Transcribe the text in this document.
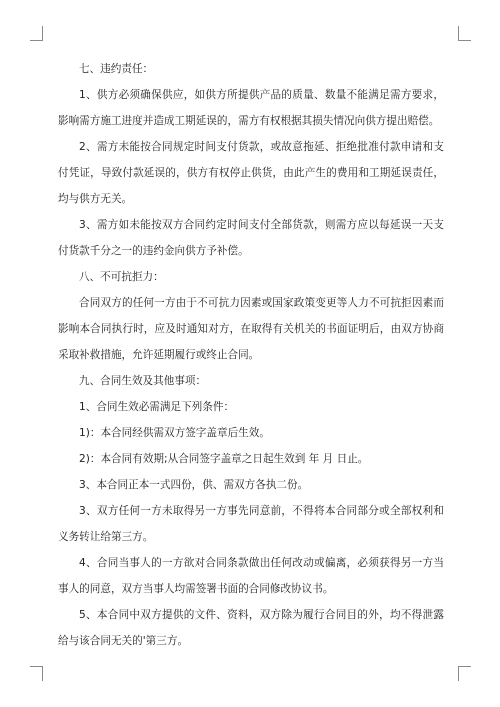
七、违约责任：

1、供方必须确保供应，如供方所提供产品的质量、数量不能满足需方要求，影响需方施工进度并造成工期延误的，需方有权根据其损失情况向供方提出赔偿。

2、需方未能按合同规定时间支付货款，或故意拖延、拒绝批准付款申请和支付凭证，导致付款延误的，供方有权停止供货，由此产生的费用和工期延误责任，均与供方无关。

3、需方如未能按双方合同约定时间支付全部货款，则需方应以每延误一天支付货款千分之一的违约金向供方予补偿。

八、不可抗拒力：

合同双方的任何一方由于不可抗力因素或国家政策变更等人力不可抗拒因素而影响本合同执行时，应及时通知对方，在取得有关机关的书面证明后，由双方协商采取补救措施，允许延期履行或终止合同。

九、合同生效及其他事项：

1、合同生效必需满足下列条件：

1)：本合同经供需双方签字盖章后生效。

2)：本合同有效期;从合同签字盖章之日起生效到 年 月 日止。

3、本合同正本一式四份，供、需双方各执二份。

3、双方任何一方未取得另一方事先同意前，不得将本合同部分或全部权利和义务转让给第三方。

4、合同当事人的一方欲对合同条款做出任何改动或偏离，必须获得另一方当事人的同意，双方当事人均需签署书面的合同修改协议书。

5、本合同中双方提供的文件、资料，双方除为履行合同目的外，均不得泄露给与该合同无关的'第三方。
